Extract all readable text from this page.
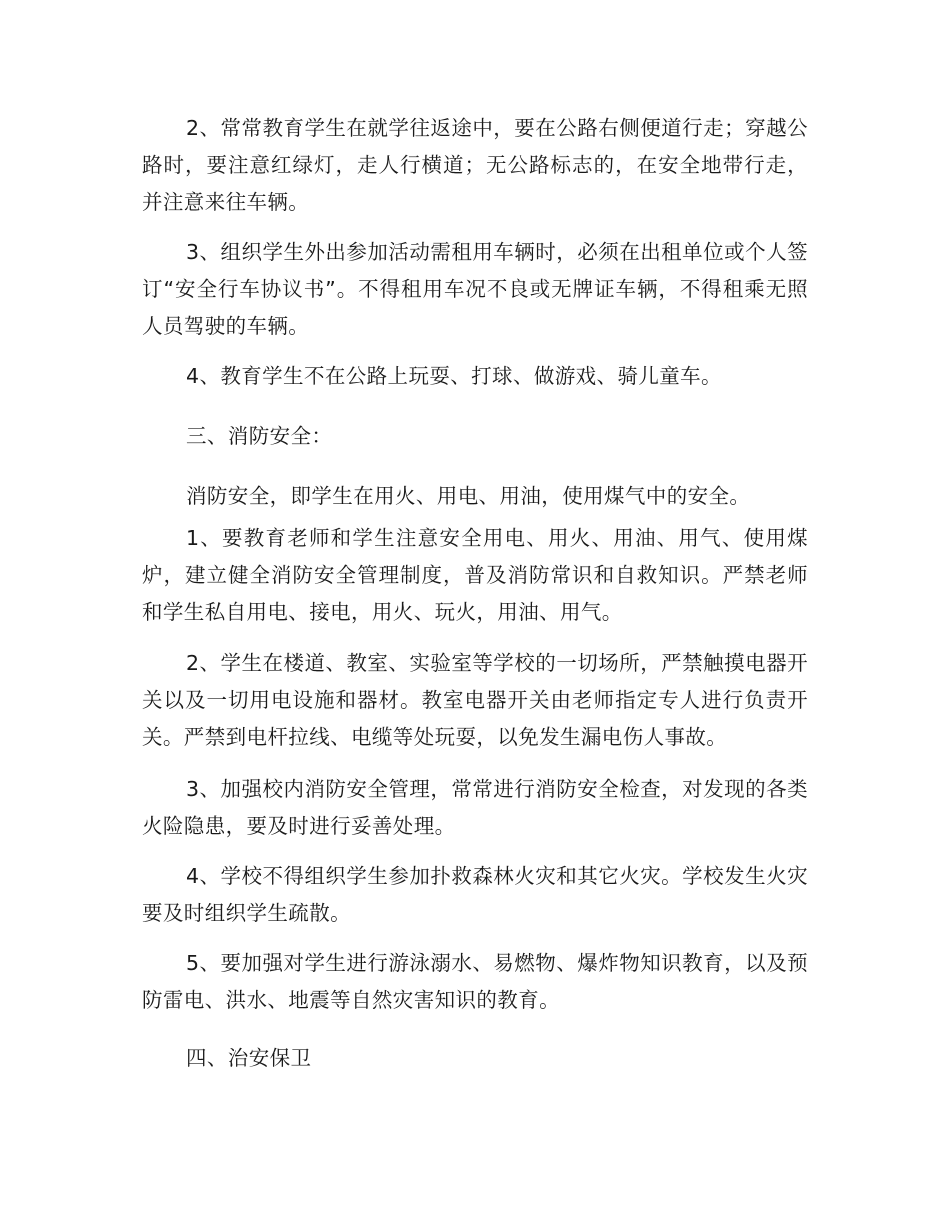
2、常常教育学生在就学往返途中，要在公路右侧便道行走；穿越公路时，要注意红绿灯，走人行横道；无公路标志的，在安全地带行走，并注意来往车辆。

3、组织学生外出参加活动需租用车辆时，必须在出租单位或个人签订“安全行车协议书”。不得租用车况不良或无牌证车辆，不得租乘无照人员驾驶的车辆。

4、教育学生不在公路上玩耍、打球、做游戏、骑儿童车。

三、消防安全：

消防安全，即学生在用火、用电、用油，使用煤气中的安全。

1、要教育老师和学生注意安全用电、用火、用油、用气、使用煤炉，建立健全消防安全管理制度，普及消防常识和自救知识。严禁老师和学生私自用电、接电，用火、玩火，用油、用气。

2、学生在楼道、教室、实验室等学校的一切场所，严禁触摸电器开关以及一切用电设施和器材。教室电器开关由老师指定专人进行负责开关。严禁到电杆拉线、电缆等处玩耍，以免发生漏电伤人事故。

3、加强校内消防安全管理，常常进行消防安全检查，对发现的各类火险隐患，要及时进行妥善处理。

4、学校不得组织学生参加扑救森林火灾和其它火灾。学校发生火灾要及时组织学生疏散。

5、要加强对学生进行游泳溺水、易燃物、爆炸物知识教育，以及预防雷电、洪水、地震等自然灾害知识的教育。

四、治安保卫
